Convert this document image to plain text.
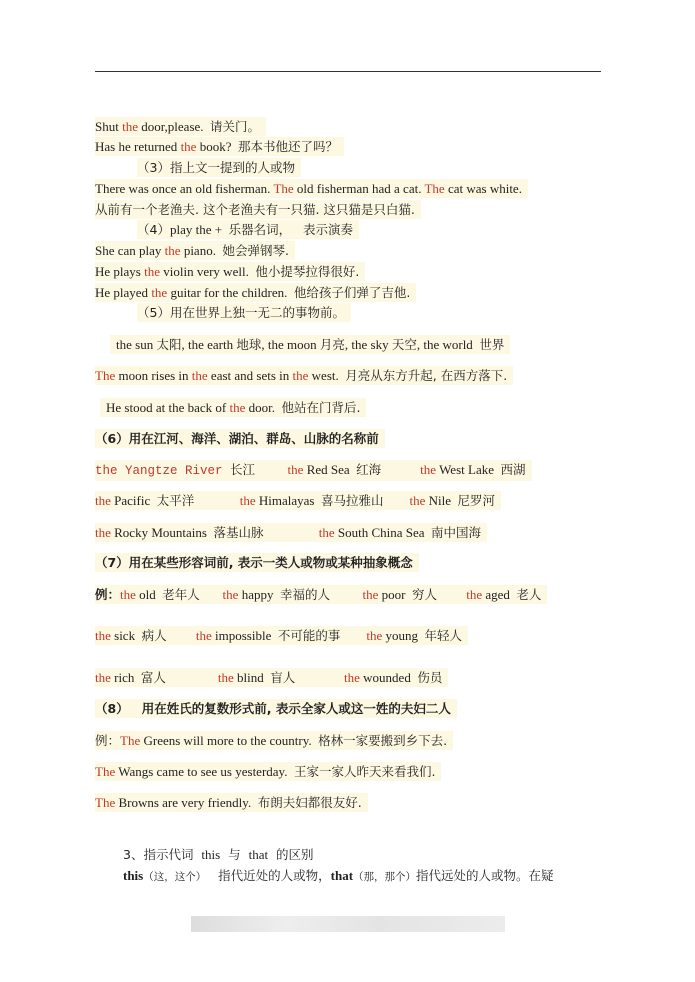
Shut the door,please.  请关门。
Has he returned the book?  那本书他还了吗？
（3）指上文一提到的人或物
There was once an old fisherman. The old fisherman had a cat. The cat was white.
从前有一个老渔夫. 这个老渔夫有一只猫. 这只猫是只白猫.
（4）play the +  乐器名词，   表示演奏
She can play the piano.  她会弹钢琴.
He plays the violin very well.  他小提琴拉得很好.
He played the guitar for the children.  他给孩子们弹了吉他.
（5）用在世界上独一无二的事物前。
the sun 太阳, the earth 地球, the moon 月亮, the sky 天空, the world  世界
The moon rises in the east and sets in the west.  月亮从东方升起, 在西方落下.
He stood at the back of the door.  他站在门背后.
（6）用在江河、海洋、湖泊、群岛、山脉的名称前
the Yangtze River 长江	the Red Sea  红海	the West Lake  西湖
the Pacific  太平洋	the Himalayas  喜马拉雅山 the Nile  尼罗河
the Rocky Mountains  落基山脉	the South China Sea  南中国海
（7）用在某些形容词前, 表示一类人或物或某种抽象概念
例：the old  老年人 the happy  幸福的人	the poor  穷人 the aged  老人
the sick  病人 the impossible  不可能的事 the young  年轻人
the rich  富人	the blind  盲人	the wounded  伤员
（8）   用在姓氏的复数形式前, 表示全家人或这一姓的夫妇二人
例：The Greens will more to the country.  格林一家要搬到乡下去.
The Wangs came to see us yesterday.  王家一家人昨天来看我们.
The Browns are very friendly.  布朗夫妇都很友好.
3、指示代词  this  与  that  的区别
this（这，这个）   指代近处的人或物，that（那，那个）指代远处的人或物。在疑
